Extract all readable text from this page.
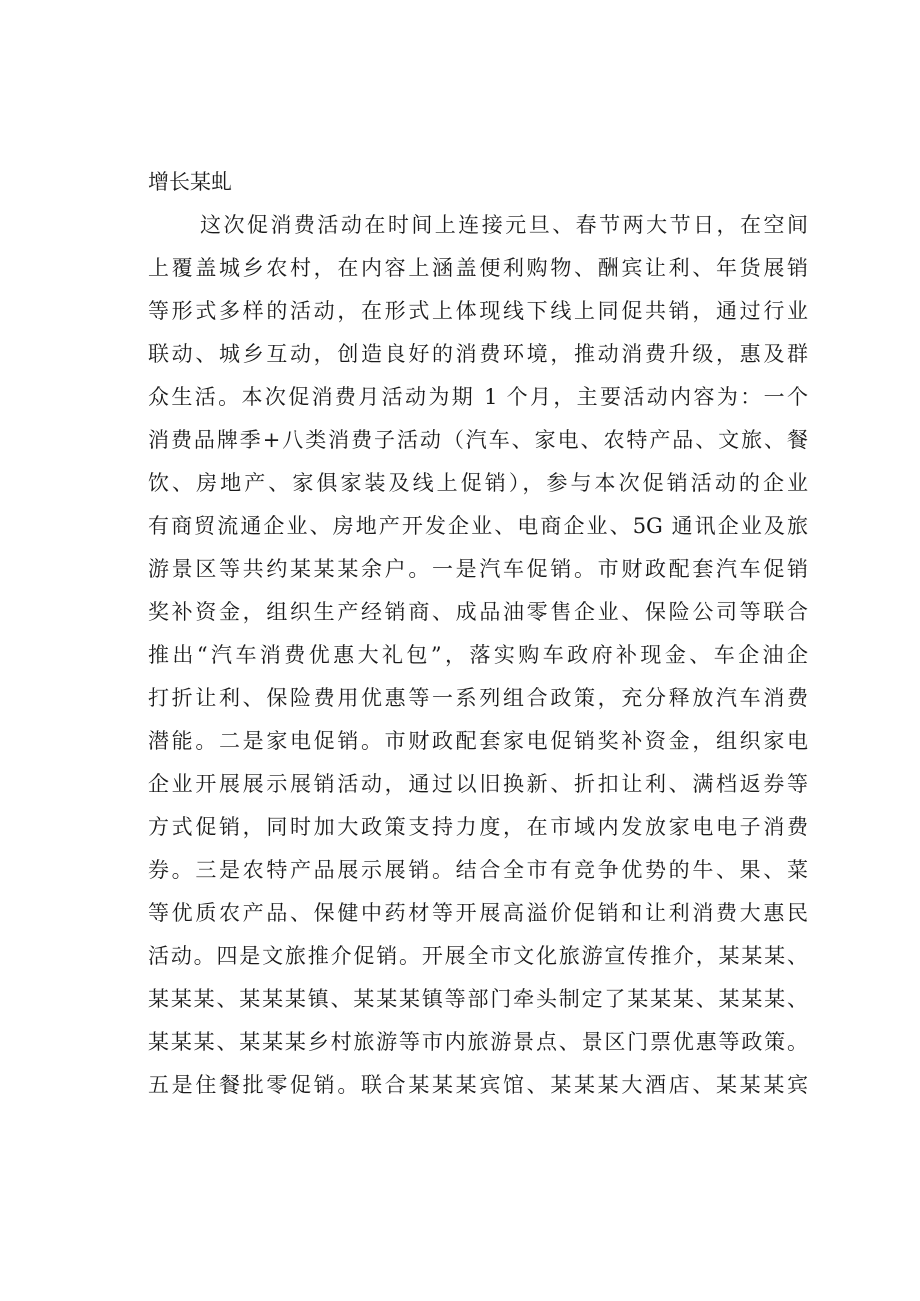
增长某虬
这次促消费活动在时间上连接元旦、春节两大节日，在空间
上覆盖城乡农村，在内容上涵盖便利购物、酬宾让利、年货展销
等形式多样的活动，在形式上体现线下线上同促共销，通过行业
联动、城乡互动，创造良好的消费环境，推动消费升级，惠及群
众生活。本次促消费月活动为期 1 个月，主要活动内容为：一个
消费品牌季+八类消费子活动（汽车、家电、农特产品、文旅、餐
饮、房地产、家俱家装及线上促销），参与本次促销活动的企业
有商贸流通企业、房地产开发企业、电商企业、5G 通讯企业及旅
游景区等共约某某某余户。一是汽车促销。市财政配套汽车促销
奖补资金，组织生产经销商、成品油零售企业、保险公司等联合
推出“汽车消费优惠大礼包”，落实购车政府补现金、车企油企
打折让利、保险费用优惠等一系列组合政策，充分释放汽车消费
潜能。二是家电促销。市财政配套家电促销奖补资金，组织家电
企业开展展示展销活动，通过以旧换新、折扣让利、满档返券等
方式促销，同时加大政策支持力度，在市域内发放家电电子消费
券。三是农特产品展示展销。结合全市有竞争优势的牛、果、菜
等优质农产品、保健中药材等开展高溢价促销和让利消费大惠民
活动。四是文旅推介促销。开展全市文化旅游宣传推介，某某某、
某某某、某某某镇、某某某镇等部门牵头制定了某某某、某某某、
某某某、某某某乡村旅游等市内旅游景点、景区门票优惠等政策。
五是住餐批零促销。联合某某某宾馆、某某某大酒店、某某某宾
